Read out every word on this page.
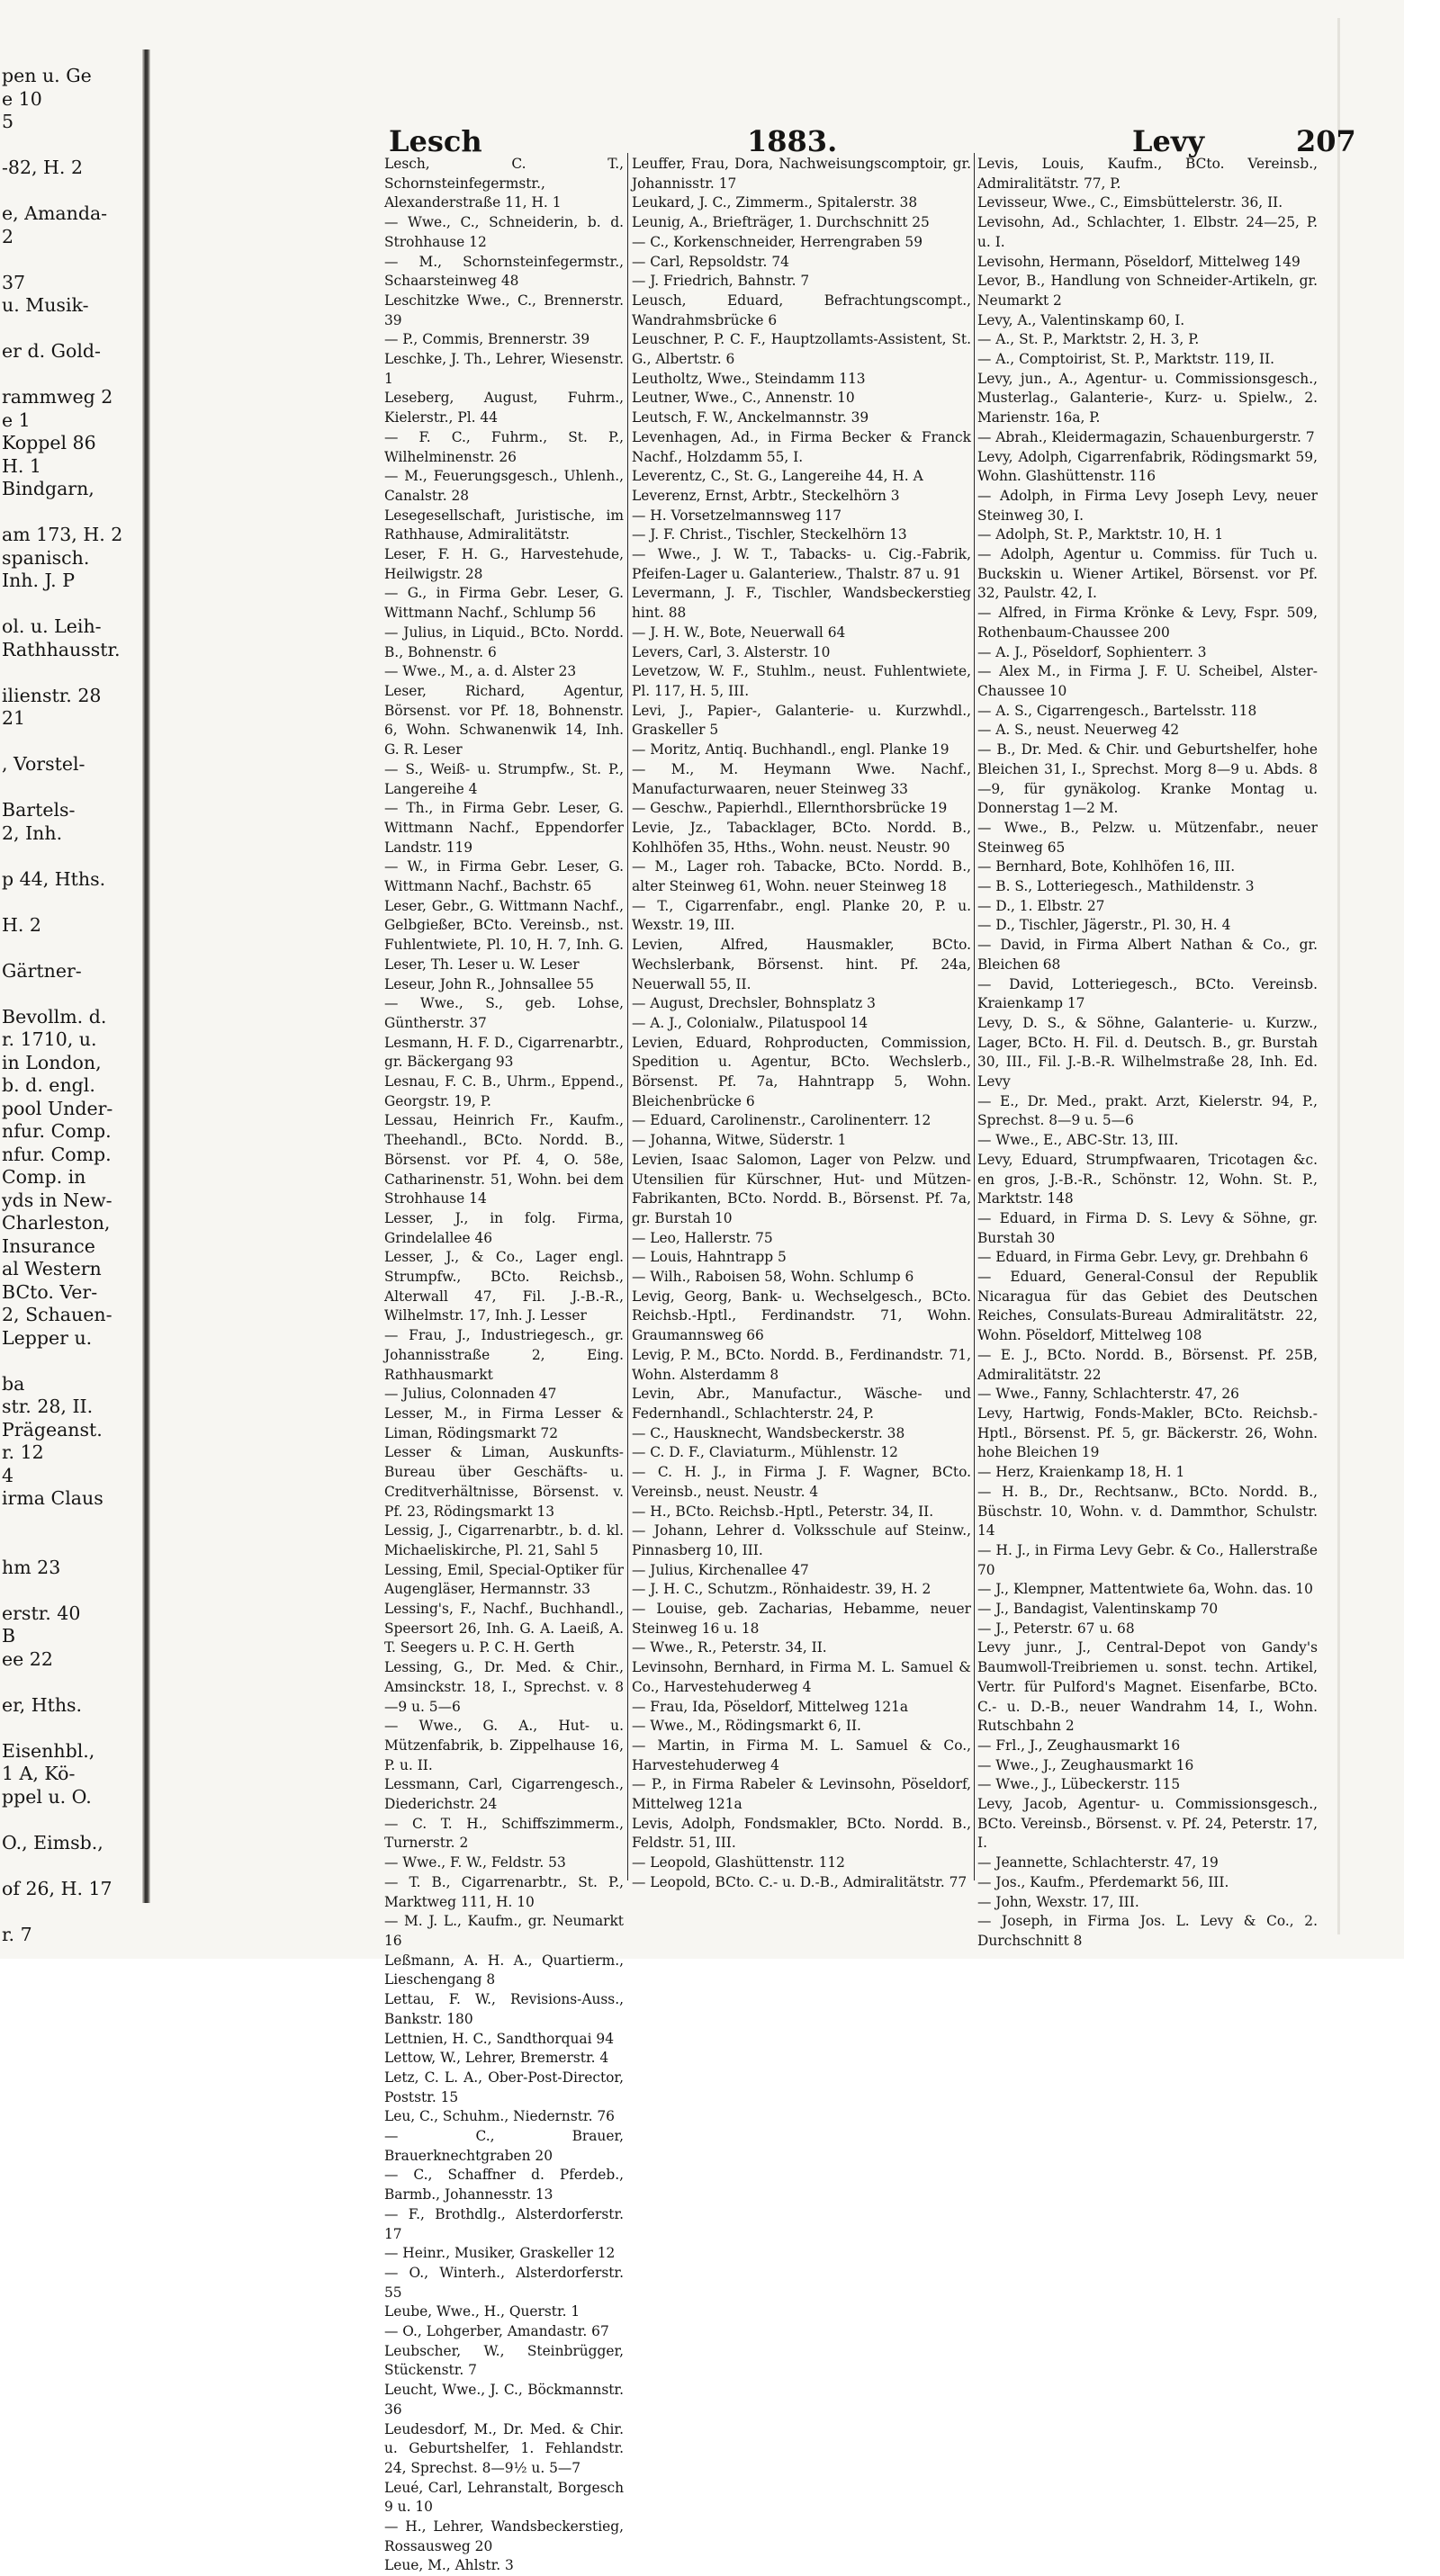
pen u. Ge
e 10
5

-82, H. 2

e, Amanda-
2

37
u. Musik-

er d. Gold-

rammweg 2
e 1
Koppel 86
H. 1
Bindgarn,

am 173, H. 2
spanisch.
Inh. J. P

ol. u. Leih-
Rathhausstr.

ilienstr. 28
21

, Vorstel-

Bartels-
2, Inh.

p 44, Hths.

H. 2

Gärtner-

Bevollm. d.
r. 1710, u.
in London,
b. d. engl.
pool Under-
nfur. Comp.
nfur. Comp.
Comp. in
yds in New-
Charleston,
Insurance
al Western
BCto. Ver-
2, Schauen-
Lepper u.

ba
str. 28, II.
Prägeanst.
r. 12
4
irma Claus

hm 23

erstr. 40
B
ee 22

er, Hths.

Eisenhbl.,
1 A, Kö-
ppel u. O.

O., Eimsb.,

of 26, H. 17

r. 7
Lesch	1883.	Levy	207
Lesch, C. T., Schornsteinfegermstr., Alexanderstraße 11, H. 1
— Wwe., C., Schneiderin, b. d. Strohhause 12
— M., Schornsteinfegermstr., Schaarsteinweg 48
Leschitzke Wwe., C., Brennerstr. 39
— P., Commis, Brennerstr. 39
Leschke, J. Th., Lehrer, Wiesenstr. 1
Leseberg, August, Fuhrm., Kielerstr., Pl. 44
— F. C., Fuhrm., St. P., Wilhelminenstr. 26
— M., Feuerungsgesch., Uhlenh., Canalstr. 28
Lesegesellschaft, Juristische, im Rathhause, Admiralitätstr.
Leser, F. H. G., Harvestehude, Heilwigstr. 28
— G., in Firma Gebr. Leser, G. Wittmann Nachf., Schlump 56
— Julius, in Liquid., BCto. Nordd. B., Bohnenstr. 6
— Wwe., M., a. d. Alster 23
Leser, Richard, Agentur, Börsenst. vor Pf. 18, Bohnenstr. 6, Wohn. Schwanenwik 14, Inh. G. R. Leser
— S., Weiß- u. Strumpfw., St. P., Langereihe 4
— Th., in Firma Gebr. Leser, G. Wittmann Nachf., Eppendorfer Landstr. 119
— W., in Firma Gebr. Leser, G. Wittmann Nachf., Bachstr. 65
Leser, Gebr., G. Wittmann Nachf., Gelbgießer, BCto. Vereinsb., nst. Fuhlentwiete, Pl. 10, H. 7, Inh. G. Leser, Th. Leser u. W. Leser
Leseur, John R., Johnsallee 55
— Wwe., S., geb. Lohse, Güntherstr. 37
Lesmann, H. F. D., Cigarrenarbtr., gr. Bäckergang 93
Lesnau, F. C. B., Uhrm., Eppend., Georgstr. 19, P.
Lessau, Heinrich Fr., Kaufm., Theehandl., BCto. Nordd. B., Börsenst. vor Pf. 4, O. 58e, Catharinenstr. 51, Wohn. bei dem Strohhause 14
Lesser, J., in folg. Firma, Grindelallee 46
Lesser, J., & Co., Lager engl. Strumpfw., BCto. Reichsb., Alterwall 47, Fil. J.-B.-R., Wilhelmstr. 17, Inh. J. Lesser
— Frau, J., Industriegesch., gr. Johannisstraße 2, Eing. Rathhausmarkt
— Julius, Colonnaden 47
Lesser, M., in Firma Lesser & Liman, Rödingsmarkt 72
Lesser & Liman, Auskunfts-Bureau über Geschäfts- u. Creditverhältnisse, Börsenst. v. Pf. 23, Rödingsmarkt 13
Lessig, J., Cigarrenarbtr., b. d. kl. Michaeliskirche, Pl. 21, Sahl 5
Lessing, Emil, Special-Optiker für Augengläser, Hermannstr. 33
Lessing's, F., Nachf., Buchhandl., Speersort 26, Inh. G. A. Laeiß, A. T. Seegers u. P. C. H. Gerth
Lessing, G., Dr. Med. & Chir., Amsinckstr. 18, I., Sprechst. v. 8—9 u. 5—6
— Wwe., G. A., Hut- u. Mützenfabrik, b. Zippelhause 16, P. u. II.
Lessmann, Carl, Cigarrengesch., Diederichstr. 24
— C. T. H., Schiffszimmerm., Turnerstr. 2
— Wwe., F. W., Feldstr. 53
— T. B., Cigarrenarbtr., St. P., Marktweg 111, H. 10
— M. J. L., Kaufm., gr. Neumarkt 16
Leßmann, A. H. A., Quartierm., Lieschengang 8
Lettau, F. W., Revisions-Auss., Bankstr. 180
Lettnien, H. C., Sandthorquai 94
Lettow, W., Lehrer, Bremerstr. 4
Letz, C. L. A., Ober-Post-Director, Poststr. 15
Leu, C., Schuhm., Niedernstr. 76
— C., Brauer, Brauerknechtgraben 20
— C., Schaffner d. Pferdeb., Barmb., Johannesstr. 13
— F., Brothdlg., Alsterdorferstr. 17
— Heinr., Musiker, Graskeller 12
— O., Winterh., Alsterdorferstr. 55
Leube, Wwe., H., Querstr. 1
— O., Lohgerber, Amandastr. 67
Leubscher, W., Steinbrügger, Stückenstr. 7
Leucht, Wwe., J. C., Böckmannstr. 36
Leudesdorf, M., Dr. Med. & Chir. u. Geburtshelfer, 1. Fehlandstr. 24, Sprechst. 8—9½ u. 5—7
Leué, Carl, Lehranstalt, Borgesch 9 u. 10
— H., Lehrer, Wandsbeckerstieg, Rossausweg 20
Leue, M., Ahlstr. 3
Leuffer, Frau, Dora, Nachweisungscomptoir, gr. Johannisstr. 17
Leukard, J. C., Zimmerm., Spitalerstr. 38
Leunig, A., Briefträger, 1. Durchschnitt 25
— C., Korkenschneider, Herrengraben 59
— Carl, Repsoldstr. 74
— J. Friedrich, Bahnstr. 7
Leusch, Eduard, Befrachtungscompt., Wandrahmsbrücke 6
Leuschner, P. C. F., Hauptzollamts-Assistent, St. G., Albertstr. 6
Leutholtz, Wwe., Steindamm 113
Leutner, Wwe., C., Annenstr. 10
Leutsch, F. W., Anckelmannstr. 39
Levenhagen, Ad., in Firma Becker & Franck Nachf., Holzdamm 55, I.
Leverentz, C., St. G., Langereihe 44, H. A
Leverenz, Ernst, Arbtr., Steckelhörn 3
— H. Vorsetzelmannsweg 117
— J. F. Christ., Tischler, Steckelhörn 13
— Wwe., J. W. T., Tabacks- u. Cig.-Fabrik, Pfeifen-Lager u. Galanteriew., Thalstr. 87 u. 91
Levermann, J. F., Tischler, Wandsbeckerstieg hint. 88
— J. H. W., Bote, Neuerwall 64
Levers, Carl, 3. Alsterstr. 10
Levetzow, W. F., Stuhlm., neust. Fuhlentwiete, Pl. 117, H. 5, III.
Levi, J., Papier-, Galanterie- u. Kurzwhdl., Graskeller 5
— Moritz, Antiq. Buchhandl., engl. Planke 19
— M., M. Heymann Wwe. Nachf., Manufacturwaaren, neuer Steinweg 33
— Geschw., Papierhdl., Ellernthorsbrücke 19
Levie, Jz., Tabacklager, BCto. Nordd. B., Kohlhöfen 35, Hths., Wohn. neust. Neustr. 90
— M., Lager roh. Tabacke, BCto. Nordd. B., alter Steinweg 61, Wohn. neuer Steinweg 18
— T., Cigarrenfabr., engl. Planke 20, P. u. Wexstr. 19, III.
Levien, Alfred, Hausmakler, BCto. Wechslerbank, Börsenst. hint. Pf. 24a, Neuerwall 55, II.
— August, Drechsler, Bohnsplatz 3
— A. J., Colonialw., Pilatuspool 14
Levien, Eduard, Rohproducten, Commission, Spedition u. Agentur, BCto. Wechslerb., Börsenst. Pf. 7a, Hahntrapp 5, Wohn. Bleichenbrücke 6
— Eduard, Carolinenstr., Carolinenterr. 12
— Johanna, Witwe, Süderstr. 1
Levien, Isaac Salomon, Lager von Pelzw. und Utensilien für Kürschner, Hut- und Mützen-Fabrikanten, BCto. Nordd. B., Börsenst. Pf. 7a, gr. Burstah 10
— Leo, Hallerstr. 75
— Louis, Hahntrapp 5
— Wilh., Raboisen 58, Wohn. Schlump 6
Levig, Georg, Bank- u. Wechselgesch., BCto. Reichsb.-Hptl., Ferdinandstr. 71, Wohn. Graumannsweg 66
Levig, P. M., BCto. Nordd. B., Ferdinandstr. 71, Wohn. Alsterdamm 8
Levin, Abr., Manufactur., Wäsche- und Federnhandl., Schlachterstr. 24, P.
— C., Hausknecht, Wandsbeckerstr. 38
— C. D. F., Claviaturm., Mühlenstr. 12
— C. H. J., in Firma J. F. Wagner, BCto. Vereinsb., neust. Neustr. 4
— H., BCto. Reichsb.-Hptl., Peterstr. 34, II.
— Johann, Lehrer d. Volksschule auf Steinw., Pinnasberg 10, III.
— Julius, Kirchenallee 47
— J. H. C., Schutzm., Rönhaidestr. 39, H. 2
— Louise, geb. Zacharias, Hebamme, neuer Steinweg 16 u. 18
— Wwe., R., Peterstr. 34, II.
Levinsohn, Bernhard, in Firma M. L. Samuel & Co., Harvestehuderweg 4
— Frau, Ida, Pöseldorf, Mittelweg 121a
— Wwe., M., Rödingsmarkt 6, II.
— Martin, in Firma M. L. Samuel & Co., Harvestehuderweg 4
— P., in Firma Rabeler & Levinsohn, Pöseldorf, Mittelweg 121a
Levis, Adolph, Fondsmakler, BCto. Nordd. B., Feldstr. 51, III.
— Leopold, Glashüttenstr. 112
— Leopold, BCto. C.- u. D.-B., Admiralitätstr. 77
Levis, Louis, Kaufm., BCto. Vereinsb., Admiralitätstr. 77, P.
Levisseur, Wwe., C., Eimsbüttelerstr. 36, II.
Levisohn, Ad., Schlachter, 1. Elbstr. 24—25, P. u. I.
Levisohn, Hermann, Pöseldorf, Mittelweg 149
Levor, B., Handlung von Schneider-Artikeln, gr. Neumarkt 2
Levy, A., Valentinskamp 60, I.
— A., St. P., Marktstr. 2, H. 3, P.
— A., Comptoirist, St. P., Marktstr. 119, II.
Levy, jun., A., Agentur- u. Commissionsgesch., Musterlag., Galanterie-, Kurz- u. Spielw., 2. Marienstr. 16a, P.
— Abrah., Kleidermagazin, Schauenburgerstr. 7
Levy, Adolph, Cigarrenfabrik, Rödingsmarkt 59, Wohn. Glashüttenstr. 116
— Adolph, in Firma Levy Joseph Levy, neuer Steinweg 30, I.
— Adolph, St. P., Marktstr. 10, H. 1
— Adolph, Agentur u. Commiss. für Tuch u. Buckskin u. Wiener Artikel, Börsenst. vor Pf. 32, Paulstr. 42, I.
— Alfred, in Firma Krönke & Levy, Fspr. 509, Rothenbaum-Chaussee 200
— A. J., Pöseldorf, Sophienterr. 3
— Alex M., in Firma J. F. U. Scheibel, Alster-Chaussee 10
— A. S., Cigarrengesch., Bartelsstr. 118
— A. S., neust. Neuerweg 42
— B., Dr. Med. & Chir. und Geburtshelfer, hohe Bleichen 31, I., Sprechst. Morg 8—9 u. Abds. 8—9, für gynäkolog. Kranke Montag u. Donnerstag 1—2 M.
— Wwe., B., Pelzw. u. Mützenfabr., neuer Steinweg 65
— Bernhard, Bote, Kohlhöfen 16, III.
— B. S., Lotteriegesch., Mathildenstr. 3
— D., 1. Elbstr. 27
— D., Tischler, Jägerstr., Pl. 30, H. 4
— David, in Firma Albert Nathan & Co., gr. Bleichen 68
— David, Lotteriegesch., BCto. Vereinsb. Kraienkamp 17
Levy, D. S., & Söhne, Galanterie- u. Kurzw., Lager, BCto. H. Fil. d. Deutsch. B., gr. Burstah 30, III., Fil. J.-B.-R. Wilhelmstraße 28, Inh. Ed. Levy
— E., Dr. Med., prakt. Arzt, Kielerstr. 94, P., Sprechst. 8—9 u. 5—6
— Wwe., E., ABC-Str. 13, III.
Levy, Eduard, Strumpfwaaren, Tricotagen &c. en gros, J.-B.-R., Schönstr. 12, Wohn. St. P., Marktstr. 148
— Eduard, in Firma D. S. Levy & Söhne, gr. Burstah 30
— Eduard, in Firma Gebr. Levy, gr. Drehbahn 6
— Eduard, General-Consul der Republik Nicaragua für das Gebiet des Deutschen Reiches, Consulats-Bureau Admiralitätstr. 22, Wohn. Pöseldorf, Mittelweg 108
— E. J., BCto. Nordd. B., Börsenst. Pf. 25B, Admiralitätstr. 22
— Wwe., Fanny, Schlachterstr. 47, 26
Levy, Hartwig, Fonds-Makler, BCto. Reichsb.-Hptl., Börsenst. Pf. 5, gr. Bäckerstr. 26, Wohn. hohe Bleichen 19
— Herz, Kraienkamp 18, H. 1
— H. B., Dr., Rechtsanw., BCto. Nordd. B., Büschstr. 10, Wohn. v. d. Dammthor, Schulstr. 14
— H. J., in Firma Levy Gebr. & Co., Hallerstraße 70
— J., Klempner, Mattentwiete 6a, Wohn. das. 10
— J., Bandagist, Valentinskamp 70
— J., Peterstr. 67 u. 68
Levy junr., J., Central-Depot von Gandy's Baumwoll-Treibriemen u. sonst. techn. Artikel, Vertr. für Pulford's Magnet. Eisenfarbe, BCto. C.- u. D.-B., neuer Wandrahm 14, I., Wohn. Rutschbahn 2
— Frl., J., Zeughausmarkt 16
— Wwe., J., Zeughausmarkt 16
— Wwe., J., Lübeckerstr. 115
Levy, Jacob, Agentur- u. Commissionsgesch., BCto. Vereinsb., Börsenst. v. Pf. 24, Peterstr. 17, I.
— Jeannette, Schlachterstr. 47, 19
— Jos., Kaufm., Pferdemarkt 56, III.
— John, Wexstr. 17, III.
— Joseph, in Firma Jos. L. Levy & Co., 2. Durchschnitt 8
